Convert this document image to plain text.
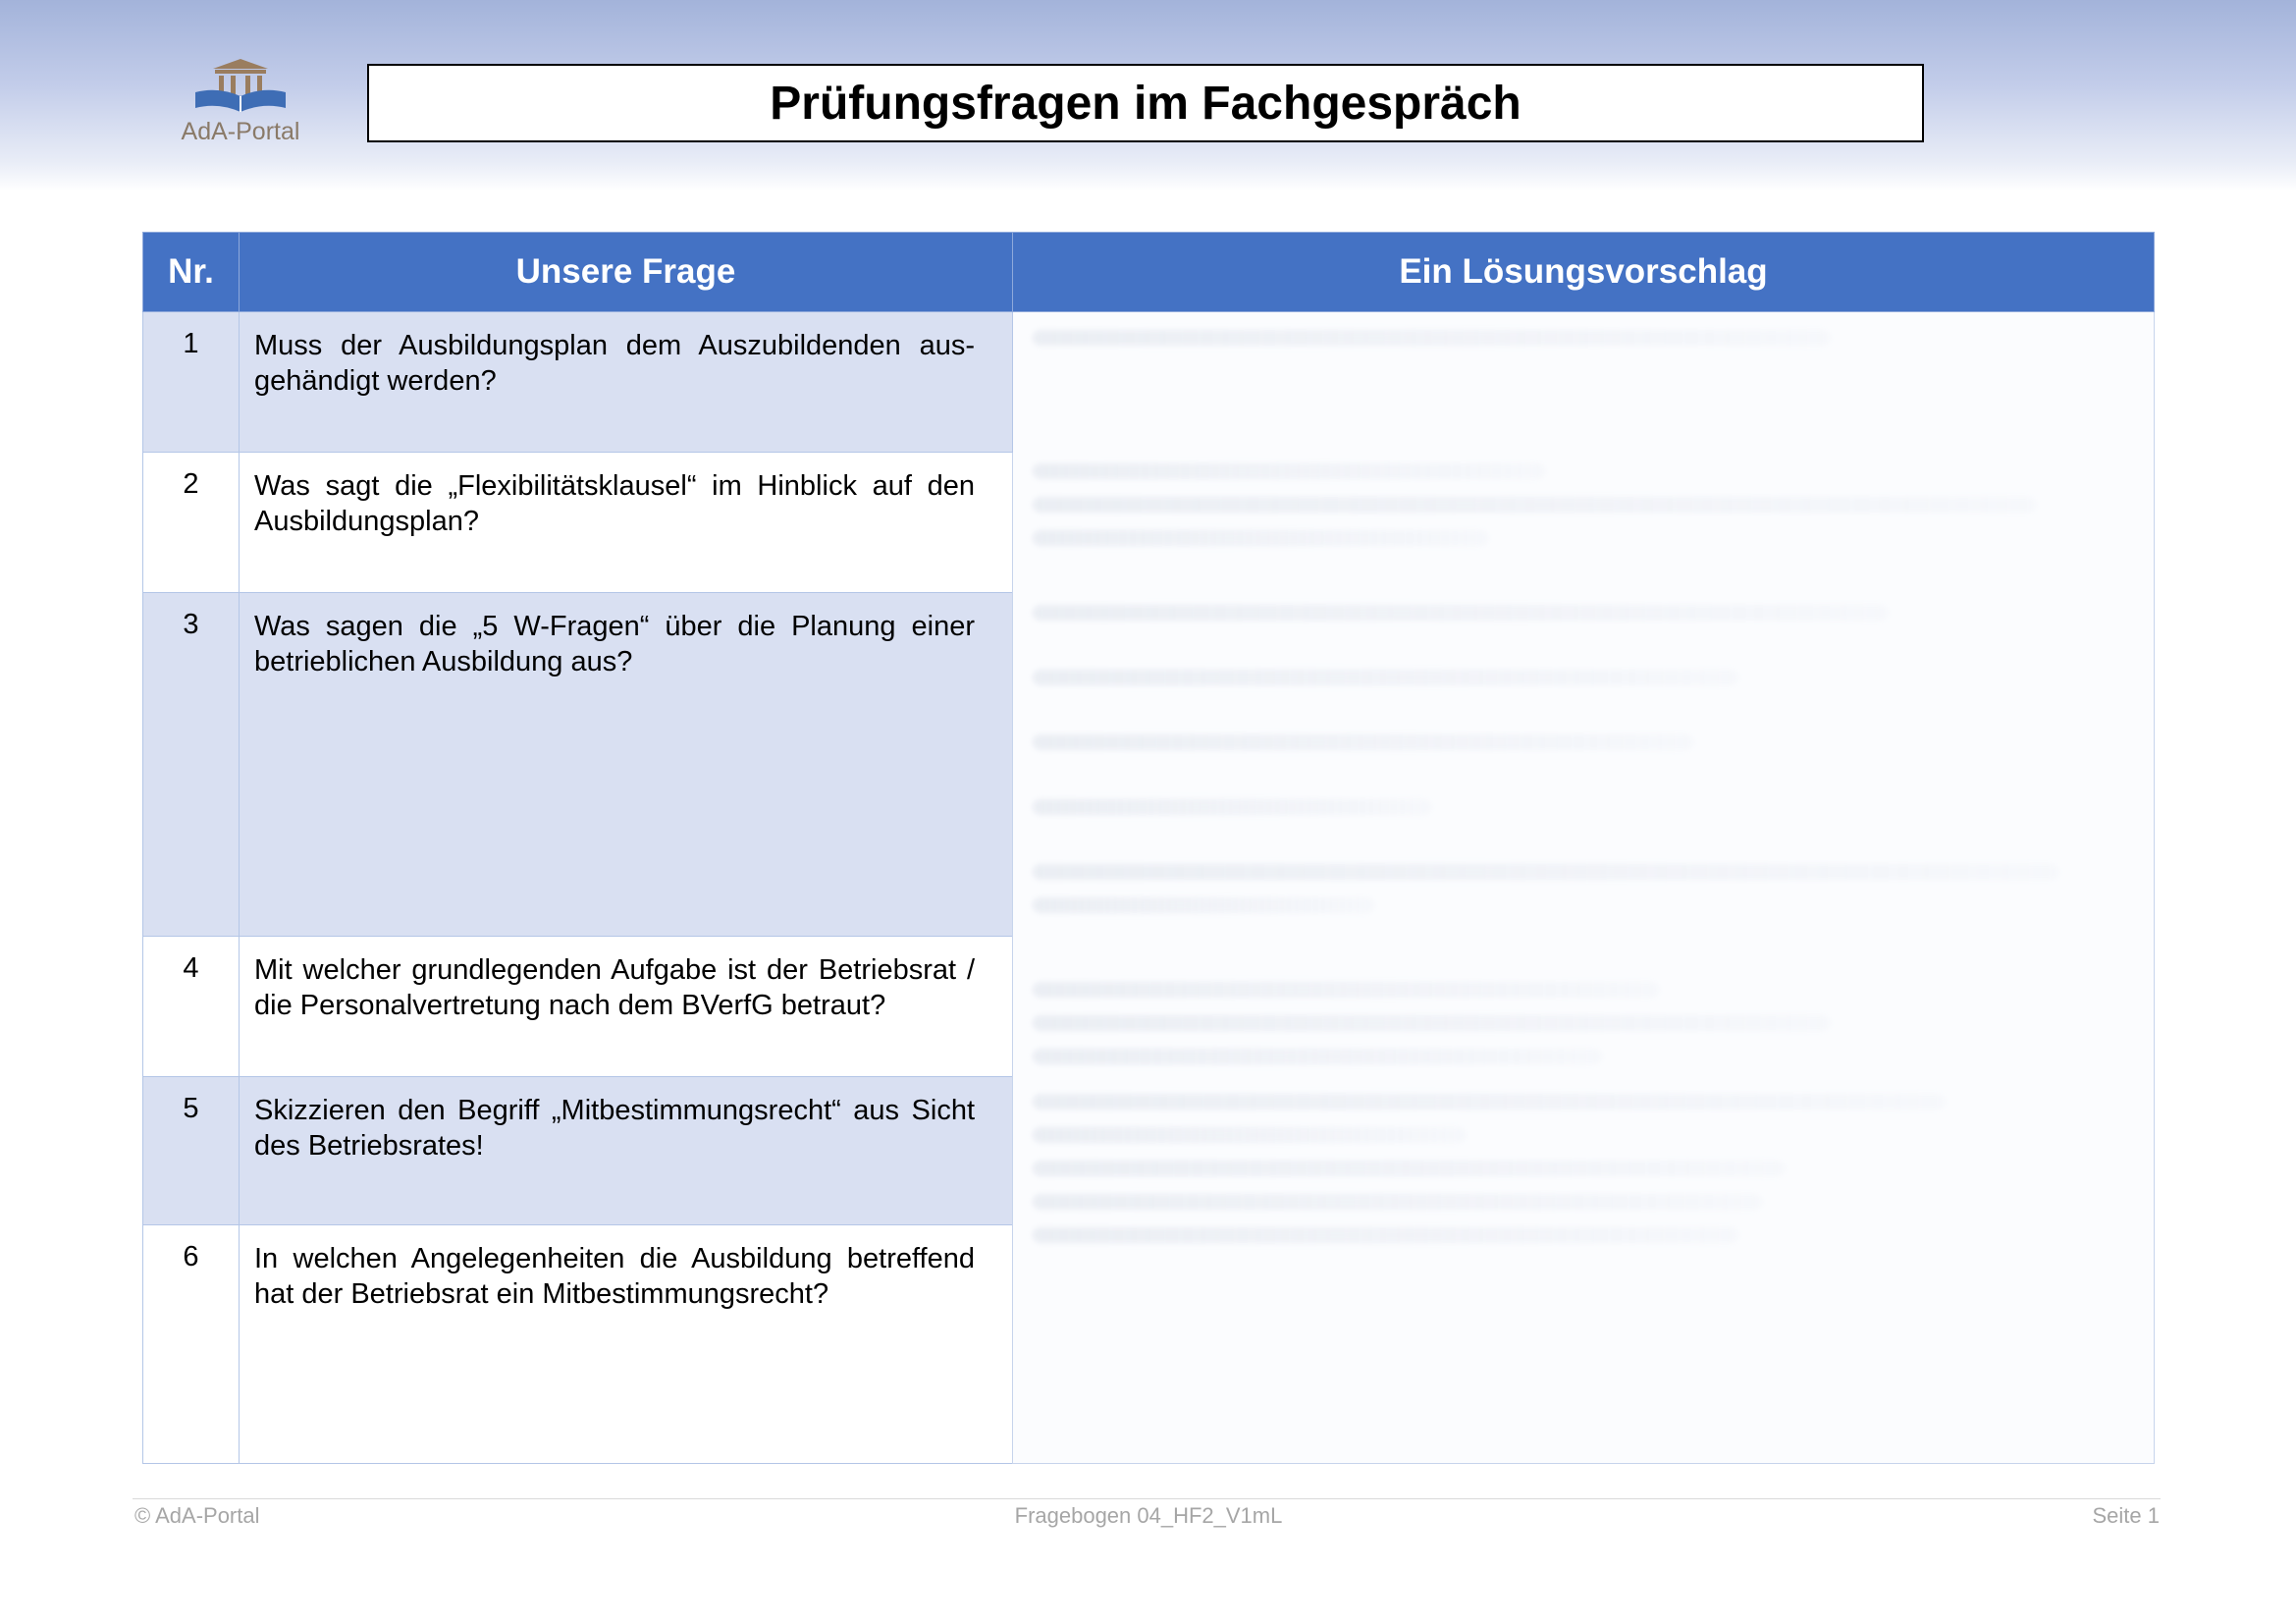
AdA-Portal
Prüfungsfragen im Fachgespräch
Nr.	Unsere Frage	Ein Lösungsvorschlag
1	Muss der Ausbildungsplan dem Auszubildenden aus-gehändigt werden?	

2	Was sagt die „Flexibilitätsklausel“ im Hinblick auf den Ausbildungsplan?	
3	Was sagen die „5 W-Fragen“ über die Planung einer betrieblichen Ausbildung aus?	
4	Mit welcher grundlegenden Aufgabe ist der Betriebsrat / die Personalvertretung nach dem BVerfG betraut?	
5	Skizzieren den Begriff „Mitbestimmungsrecht“ aus Sicht des Betriebsrates!	
6	In welchen Angelegenheiten die Ausbildung betreffend hat der Betriebsrat ein Mitbestimmungsrecht?	
© AdA-Portal	Fragebogen 04_HF2_V1mL	Seite 1
